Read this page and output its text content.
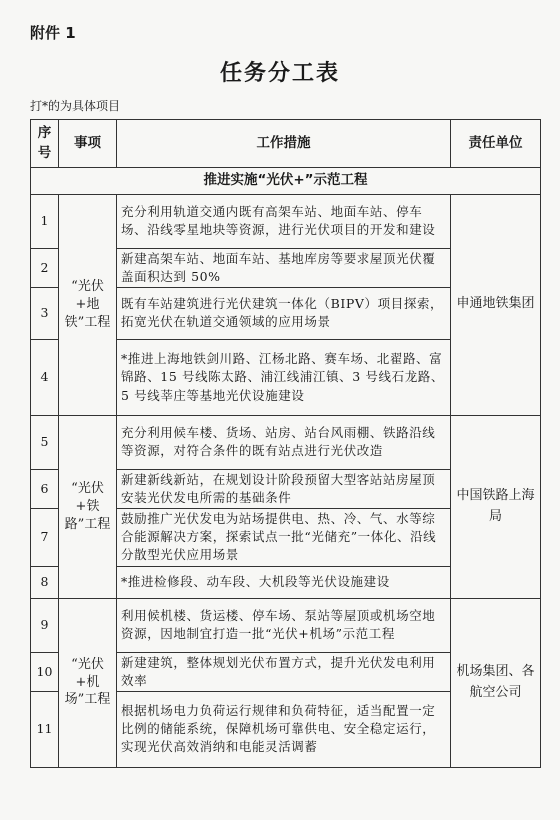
附件 1
任务分工表
打*的为具体项目
序号	事项	工作措施	责任单位
推进实施“光伏+”示范工程			
1	“光伏+地铁”工程	充分利用轨道交通内既有高架车站、地面车站、停车场、沿线零星地块等资源，进行光伏项目的开发和建设	申通地铁集团
2		新建高架车站、地面车站、基地库房等要求屋顶光伏覆盖面积达到 50%	
3		既有车站建筑进行光伏建筑一体化（BIPV）项目探索，拓宽光伏在轨道交通领域的应用场景	
4		*推进上海地铁剑川路、江杨北路、赛车场、北翟路、富锦路、15 号线陈太路、浦江线浦江镇、3 号线石龙路、5 号线莘庄等基地光伏设施建设	
5	“光伏+铁路”工程	充分利用候车楼、货场、站房、站台风雨棚、铁路沿线等资源，对符合条件的既有站点进行光伏改造	中国铁路上海局
6		新建新线新站，在规划设计阶段预留大型客站站房屋顶安装光伏发电所需的基础条件	
7		鼓励推广光伏发电为站场提供电、热、冷、气、水等综合能源解决方案，探索试点一批“光储充”一体化、沿线分散型光伏应用场景	
8		*推进检修段、动车段、大机段等光伏设施建设	
9	“光伏+机场”工程	利用候机楼、货运楼、停车场、泵站等屋顶或机场空地资源，因地制宜打造一批“光伏+机场”示范工程	机场集团、各航空公司
10		新建建筑，整体规划光伏布置方式，提升光伏发电利用效率	
11		根据机场电力负荷运行规律和负荷特征，适当配置一定比例的储能系统，保障机场可靠供电、安全稳定运行，实现光伏高效消纳和电能灵活调蓄	
